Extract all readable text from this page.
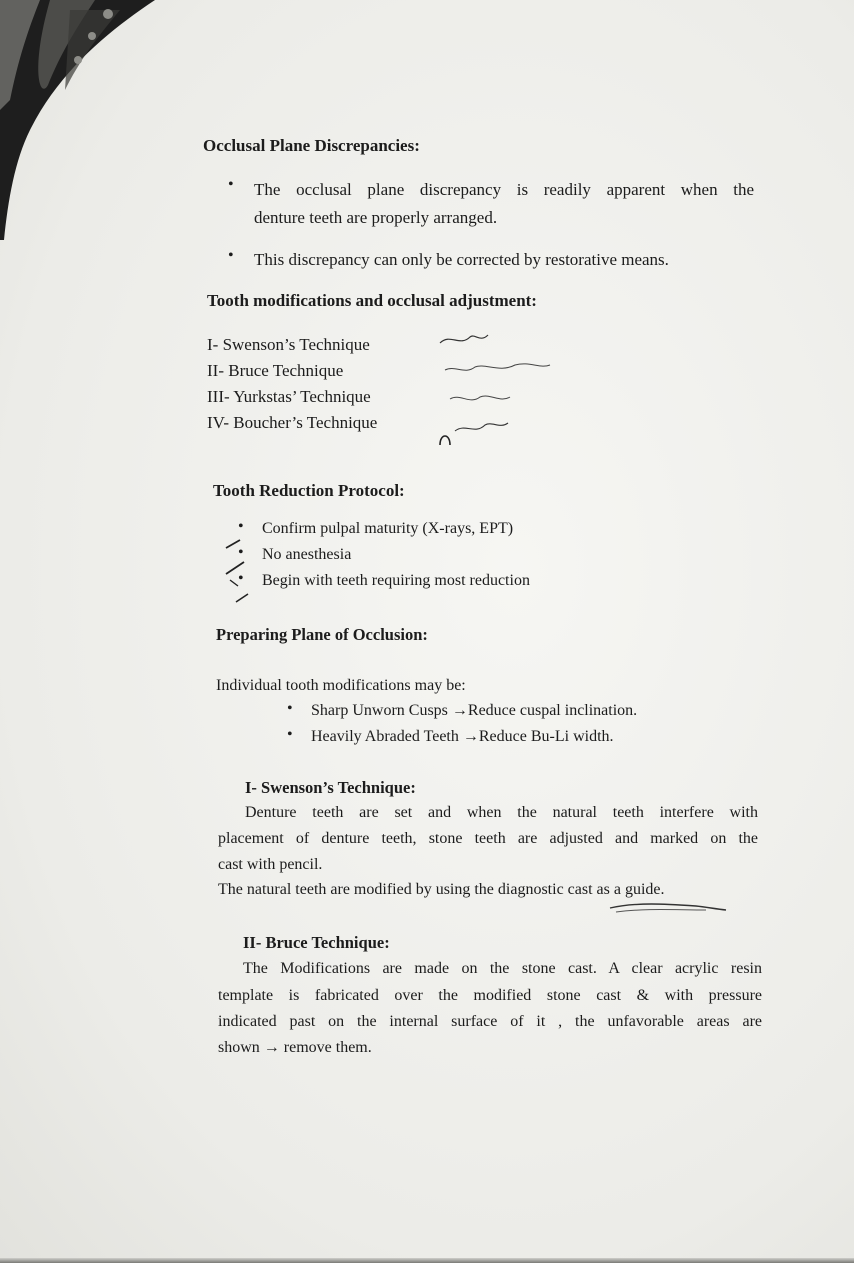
Occlusal Plane Discrepancies:
• The occlusal plane discrepancy is readily apparent when the
denture teeth are properly arranged.
• This discrepancy can only be corrected by restorative means.
Tooth modifications and occlusal adjustment:
I- Swenson’s Technique
II- Bruce Technique
III- Yurkstas’ Technique
IV- Boucher’s Technique
Tooth Reduction Protocol:
• Confirm pulpal maturity (X-rays, EPT)
• No anesthesia
• Begin with teeth requiring most reduction
Preparing Plane of Occlusion:
Individual tooth modifications may be:
• Sharp Unworn Cusps →Reduce cuspal inclination.
• Heavily Abraded Teeth →Reduce Bu-Li width.
I- Swenson’s Technique:
Denture teeth are set and when the natural teeth interfere with
placement of denture teeth, stone teeth are adjusted and marked on the
cast with pencil.
The natural teeth are modified by using the diagnostic cast as a guide.
II- Bruce Technique:
The Modifications are made on the stone cast. A clear acrylic resin
template is fabricated over the modified stone cast & with pressure
indicated past on the internal surface of it , the unfavorable areas are
shown → remove them.
